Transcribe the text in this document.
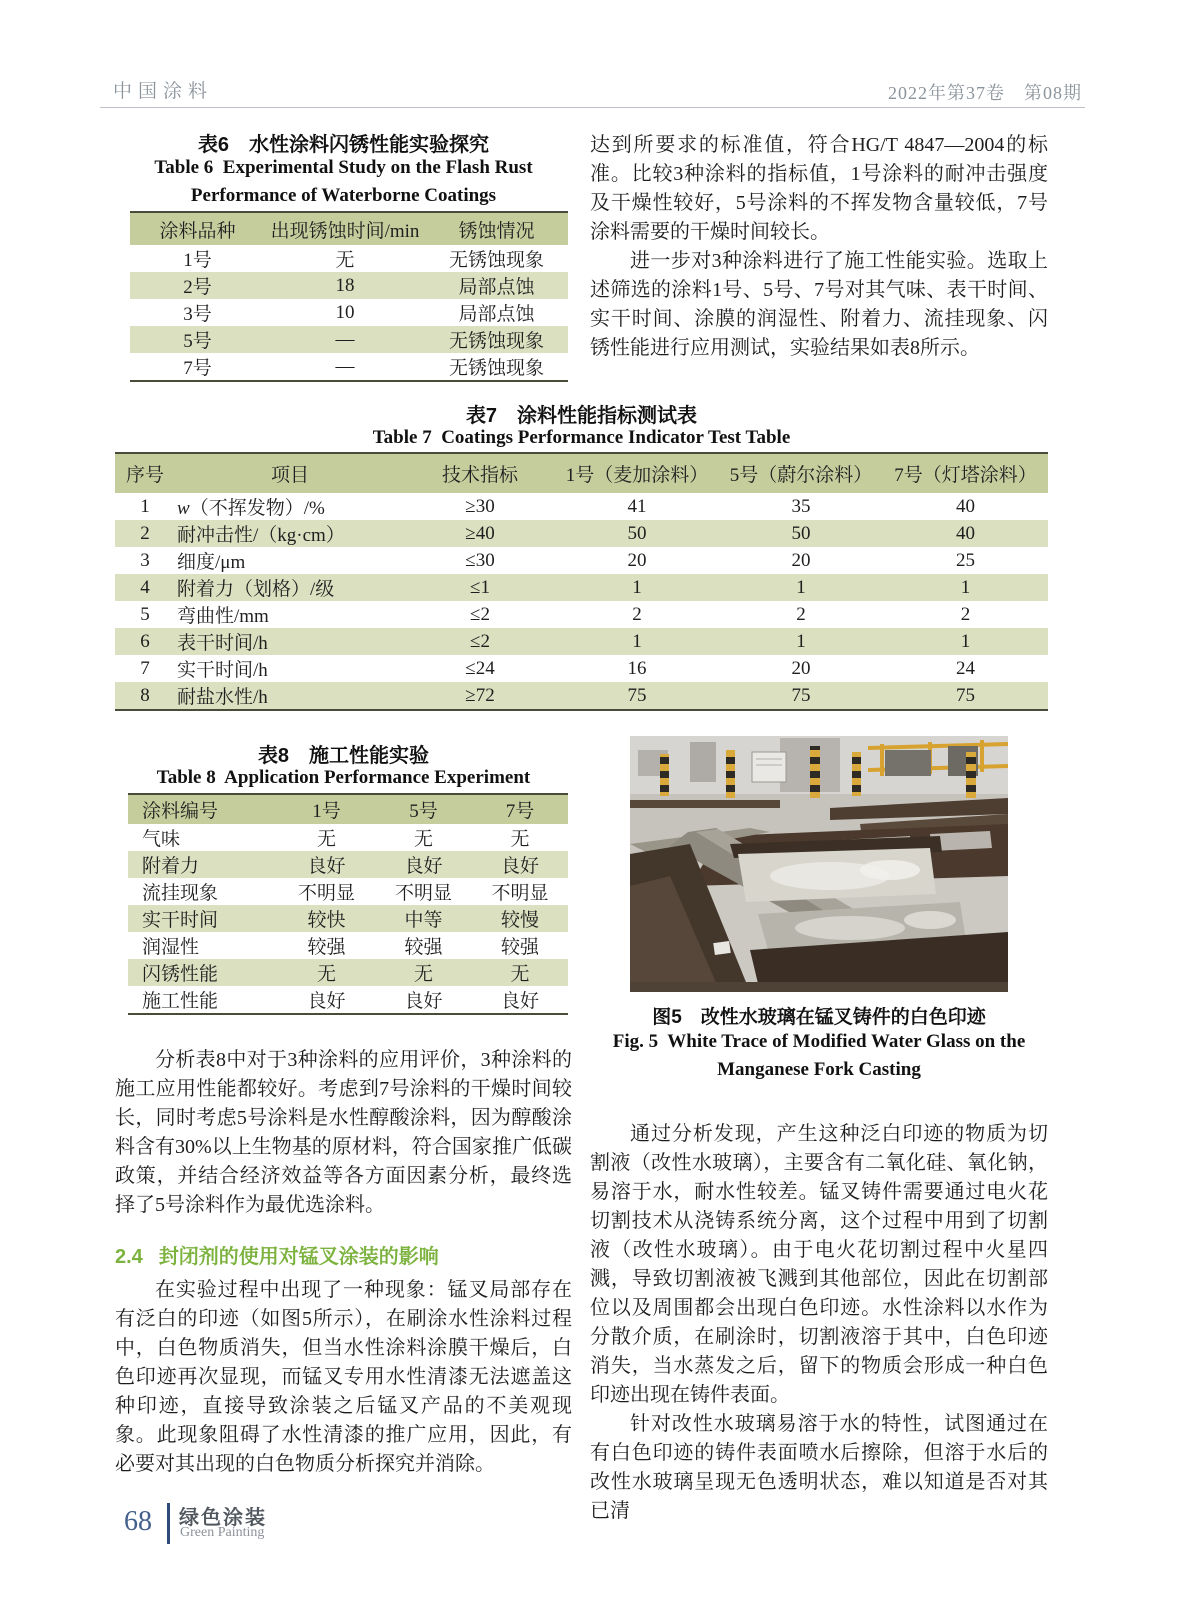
中国涂料	2022年第37卷　第08期
表6　水性涂料闪锈性能实验探究
Table 6  Experimental Study on the Flash Rust
Performance of Waterborne Coatings
涂料品种	出现锈蚀时间/min	锈蚀情况
1号	无	无锈蚀现象
2号	18	局部点蚀
3号	10	局部点蚀
5号	—	无锈蚀现象
7号	—	无锈蚀现象

达到所要求的标准值，符合HG/T 4847—2004的标准。比较3种涂料的指标值，1号涂料的耐冲击强度及干燥性较好，5号涂料的不挥发物含量较低，7号涂料需要的干燥时间较长。

进一步对3种涂料进行了施工性能实验。选取上述筛选的涂料1号、5号、7号对其气味、表干时间、实干时间、涂膜的润湿性、附着力、流挂现象、闪锈性能进行应用测试，实验结果如表8所示。

表7　涂料性能指标测试表
Table 7  Coatings Performance Indicator Test Table
序号	项目	技术指标	1号（麦加涂料）	5号（蔚尔涂料）	7号（灯塔涂料）
1	w（不挥发物）/%	≥30	41	35	40
2	耐冲击性/（kg·cm）	≥40	50	50	40
3	细度/μm	≤30	20	20	25
4	附着力（划格）/级	≤1	1	1	1
5	弯曲性/mm	≤2	2	2	2
6	表干时间/h	≤2	1	1	1
7	实干时间/h	≤24	16	20	24
8	耐盐水性/h	≥72	75	75	75
表8　施工性能实验
Table 8  Application Performance Experiment
涂料编号	1号	5号	7号
气味	无	无	无
附着力	良好	良好	良好
流挂现象	不明显	不明显	不明显
实干时间	较快	中等	较慢
润湿性	较强	较强	较强
闪锈性能	无	无	无
施工性能	良好	良好	良好
图5　改性水玻璃在锰叉铸件的白色印迹
Fig. 5  White Trace of Modified Water Glass on the
Manganese Fork Casting

分析表8中对于3种涂料的应用评价，3种涂料的施工应用性能都较好。考虑到7号涂料的干燥时间较长，同时考虑5号涂料是水性醇酸涂料，因为醇酸涂料含有30%以上生物基的原材料，符合国家推广低碳政策，并结合经济效益等各方面因素分析，最终选择了5号涂料作为最优选涂料。

2.4 封闭剂的使用对锰叉涂装的影响

在实验过程中出现了一种现象：锰叉局部存在有泛白的印迹（如图5所示），在刷涂水性涂料过程中，白色物质消失，但当水性涂料涂膜干燥后，白色印迹再次显现，而锰叉专用水性清漆无法遮盖这种印迹，直接导致涂装之后锰叉产品的不美观现象。此现象阻碍了水性清漆的推广应用，因此，有必要对其出现的白色物质分析探究并消除。

通过分析发现，产生这种泛白印迹的物质为切割液（改性水玻璃），主要含有二氧化硅、氧化钠，易溶于水，耐水性较差。锰叉铸件需要通过电火花切割技术从浇铸系统分离，这个过程中用到了切割液（改性水玻璃）。由于电火花切割过程中火星四溅，导致切割液被飞溅到其他部位，因此在切割部位以及周围都会出现白色印迹。水性涂料以水作为分散介质，在刷涂时，切割液溶于其中，白色印迹消失，当水蒸发之后，留下的物质会形成一种白色印迹出现在铸件表面。

针对改性水玻璃易溶于水的特性，试图通过在有白色印迹的铸件表面喷水后擦除，但溶于水后的改性水玻璃呈现无色透明状态，难以知道是否对其已清

68 绿色涂装
Green Painting
